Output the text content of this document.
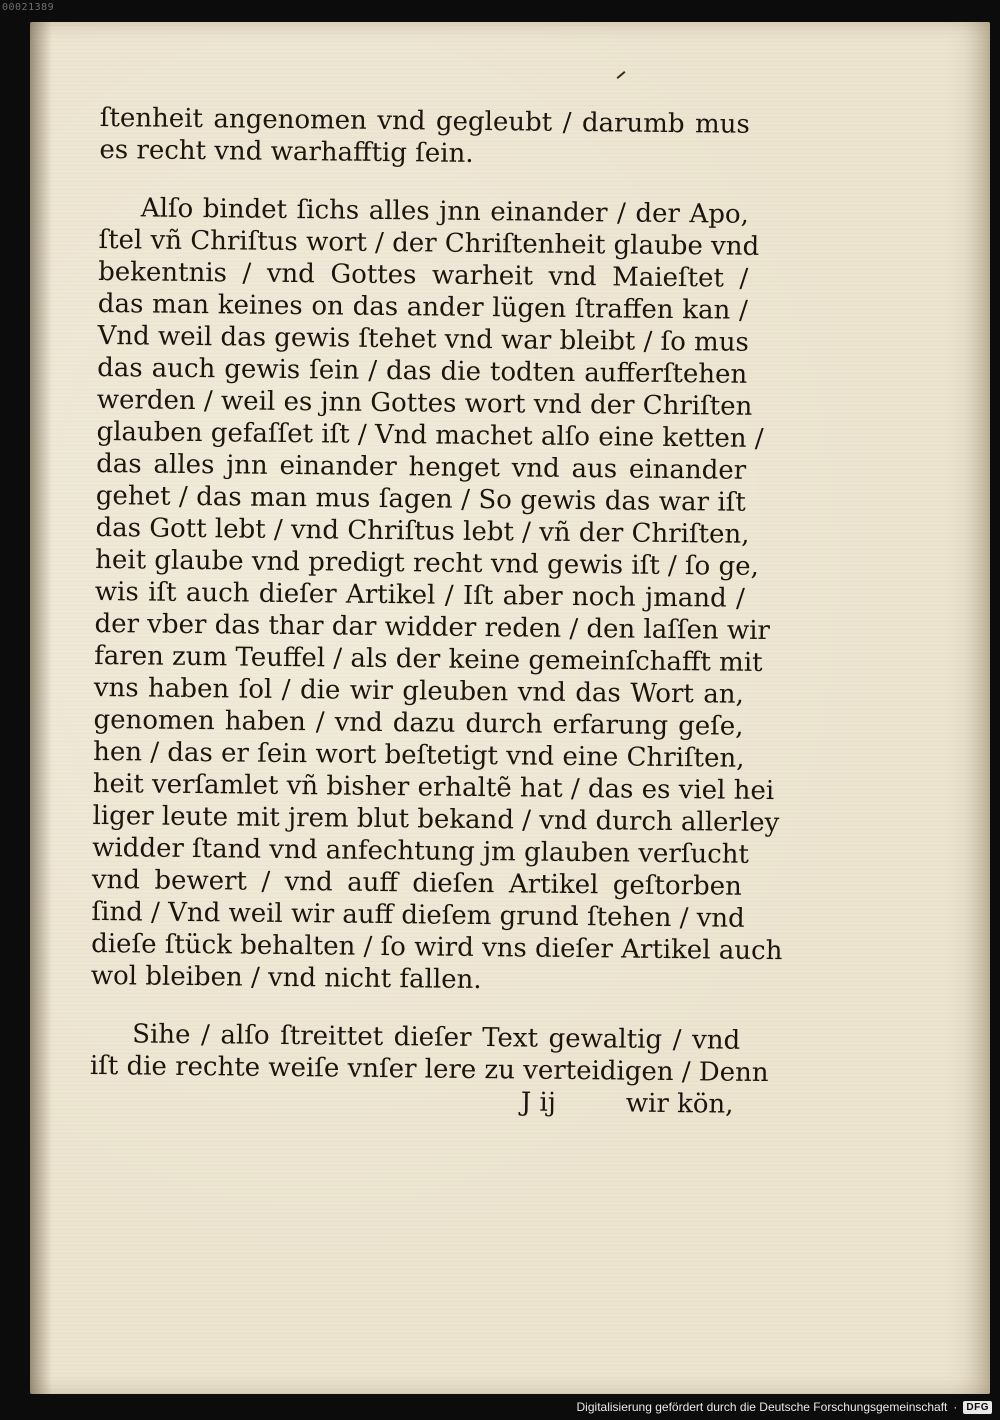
00021389

ſtenheit angenomen vnd gegleubt / darumb mus
es recht vnd warhafftig ſein.

Alſo bindet ſichs alles jnn einander / der Apo,
ſtel vñ Chriſtus wort / der Chriſtenheit glaube vnd
bekentnis / vnd Gottes warheit vnd Maieſtet /
das man keines on das ander lügen ſtraffen kan /
Vnd weil das gewis ſtehet vnd war bleibt / ſo mus
das auch gewis ſein / das die todten aufferſtehen
werden / weil es jnn Gottes wort vnd der Chriſten
glauben gefaſſet iſt / Vnd machet alſo eine ketten /
das alles jnn einander henget vnd aus einander
gehet / das man mus ſagen / So gewis das war iſt
das Gott lebt / vnd Chriſtus lebt / vñ der Chriſten,
heit glaube vnd predigt recht vnd gewis iſt / ſo ge,
wis iſt auch dieſer Artikel / Iſt aber noch jmand /
der vber das thar dar widder reden / den laſſen wir
faren zum Teuffel / als der keine gemeinſchafft mit
vns haben ſol / die wir gleuben vnd das Wort an,
genomen haben / vnd dazu durch erfarung geſe,
hen / das er ſein wort beſtetigt vnd eine Chriſten,
heit verſamlet vñ bisher erhaltẽ hat / das es viel hei
liger leute mit jrem blut bekand / vnd durch allerley
widder ſtand vnd anfechtung jm glauben verſucht
vnd bewert / vnd auff dieſen Artikel geſtorben
ſind / Vnd weil wir auff dieſem grund ſtehen / vnd
dieſe ſtück behalten / ſo wird vns dieſer Artikel auch
wol bleiben / vnd nicht fallen.

Sihe / alſo ſtreittet dieſer Text gewaltig / vnd
iſt die rechte weiſe vnſer lere zu verteidigen / Denn

J ij	wir kön,
Digitalisierung gefördert durch die Deutsche Forschungsgemeinschaft · DFG
